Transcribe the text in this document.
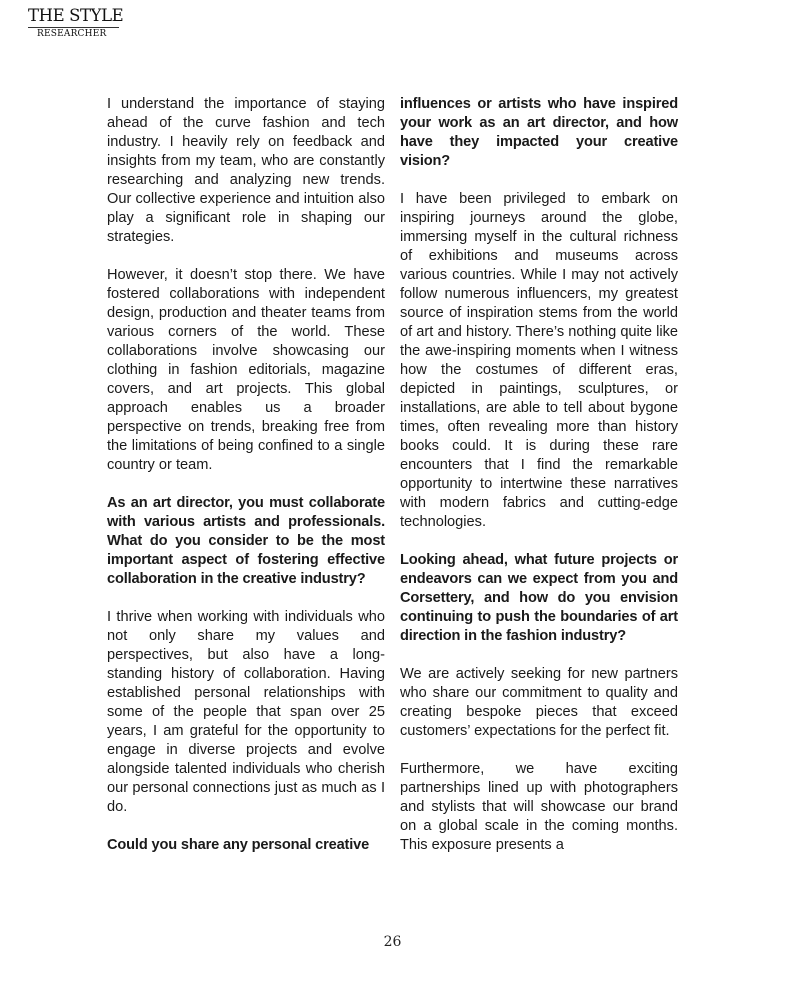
THE STYLE
RESEARCHER

I understand the importance of staying ahead of the curve fashion and tech industry. I heavily rely on feedback and insights from my team, who are constantly researching and analyzing new trends. Our collective experience and intuition also play a significant role in shaping our strategies.

However, it doesn’t stop there. We have fostered collaborations with independent design, production and theater teams from various corners of the world. These collaborations involve showcasing our clothing in fashion editorials, magazine covers, and art projects. This global approach enables us a broader perspective on trends, breaking free from the limitations of being confined to a single country or team.

As an art director, you must collaborate with various artists and professionals. What do you consider to be the most important aspect of fostering effective collaboration in the creative industry?

I thrive when working with individuals who not only share my values and perspectives, but also have a long-standing history of collaboration. Having established personal relationships with some of the people that span over 25 years, I am grateful for the opportunity to engage in diverse projects and evolve alongside talented individuals who cherish our personal connections just as much as I do.

Could you share any personal creative

influences or artists who have inspired your work as an art director, and how have they impacted your creative vision?

I have been privileged to embark on inspiring journeys around the globe, immersing myself in the cultural richness of exhibitions and museums across various countries. While I may not actively follow numerous influencers, my greatest source of inspiration stems from the world of art and history. There’s nothing quite like the awe-inspiring moments when I witness how the costumes of different eras, depicted in paintings, sculptures, or installations, are able to tell about bygone times, often revealing more than history books could. It is during these rare encounters that I find the remarkable opportunity to intertwine these narratives with modern fabrics and cutting-edge technologies.

Looking ahead, what future projects or endeavors can we expect from you and Corsettery, and how do you envision continuing to push the boundaries of art direction in the fashion industry?

We are actively seeking for new partners who share our commitment to quality and creating bespoke pieces that exceed customers’ expectations for the perfect fit.

Furthermore, we have exciting partnerships lined up with photographers and stylists that will showcase our brand on a global scale in the coming months. This exposure presents a

26
